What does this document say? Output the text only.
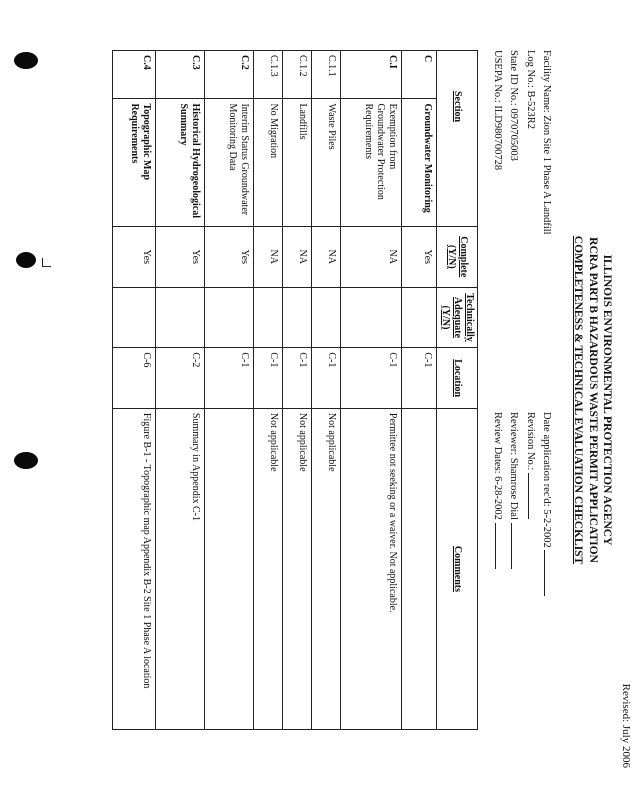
Revised: July 2006
ILLINOIS ENVIRONMENTAL PROTECTION AGENCY
RCRA PART B HAZARDOUS WASTE PERMIT APPLICATION
COMPLETENESS & TECHNICAL EVALUATION CHECKLIST
Facility Name: Zion Site 1 Phase A Landfill
Log No.: B-523R2
State ID No.: 0970705003
USEPA No.: ILD980700728
Date application rec'd: 5-2-2002
Revision No.:
Reviewer: Shamrose Dial
Review Dates: 6-28-2002
Section		Complete (Y/N)	Technically Adequate (Y/N)	Location	Comments
C	Groundwater Monitoring	Yes		C-1	
C.I	Exemption from Groundwater Protection Requirements	NA		C-1	Permittee not seeking or a waiver. Not applicable.
C.1.1	Waste Piles	NA		C-1	Not applicable
C.1.2	Landfills	NA		C-1	Not applicable
C.1.3	No Migration	NA		C-1	Not applicable
C.2	Interim Status Groundwater Monitoring Data	Yes		C-1	
C.3	Historical Hydrogeological Summary	Yes		C-2	Summary in Appendix C-1
C.4	Topographic Map Requirements	Yes		C-6	Figure B-1 - Topographic map Appendix B-2 Site 1 Phase A location
